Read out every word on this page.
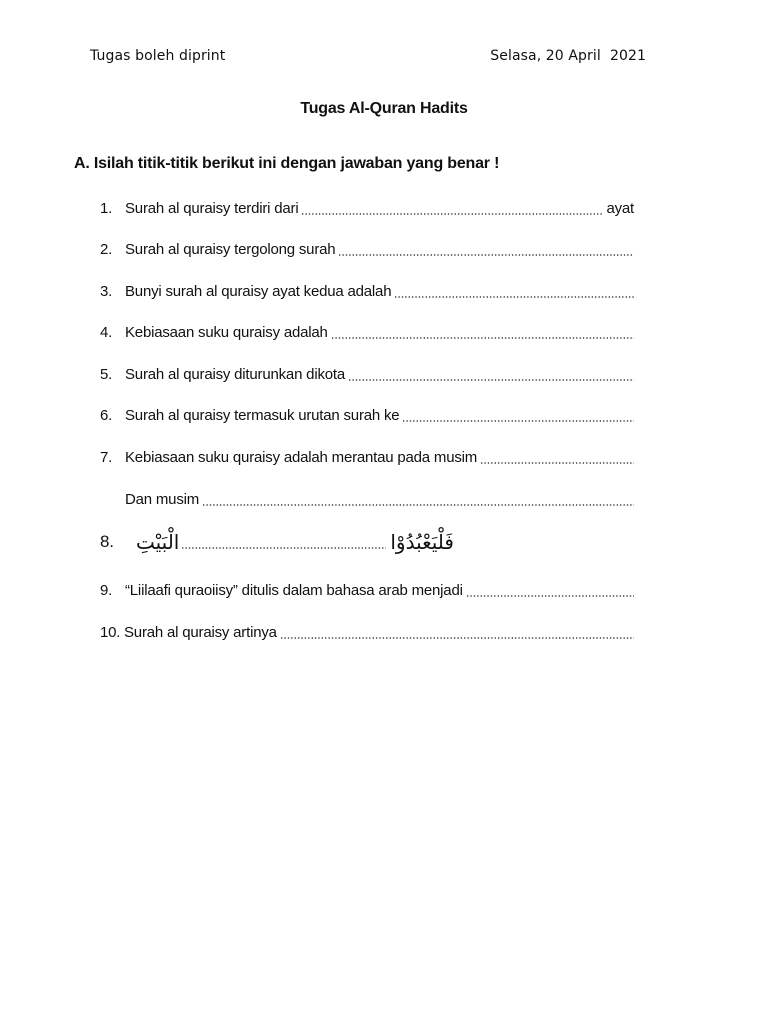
Tugas boleh diprint	Selasa, 20 April  2021
Tugas Al-Quran Hadits
A. Isilah titik-titik berikut ini dengan jawaban yang benar !
1. Surah al quraisy terdiri dari	ayat
2. Surah al quraisy tergolong surah
3. Bunyi surah al quraisy ayat kedua adalah
4. Kebiasaan suku quraisy adalah
5. Surah al quraisy diturunkan dikota
6. Surah al quraisy termasuk urutan surah ke
7. Kebiasaan suku quraisy adalah merantau pada musim
Dan musim
8.	الْبَيْتِ	فَلْيَعْبُدُوْا
9. “Liilaafi quraoiisy” ditulis dalam bahasa arab menjadi
10. Surah al quraisy artinya
